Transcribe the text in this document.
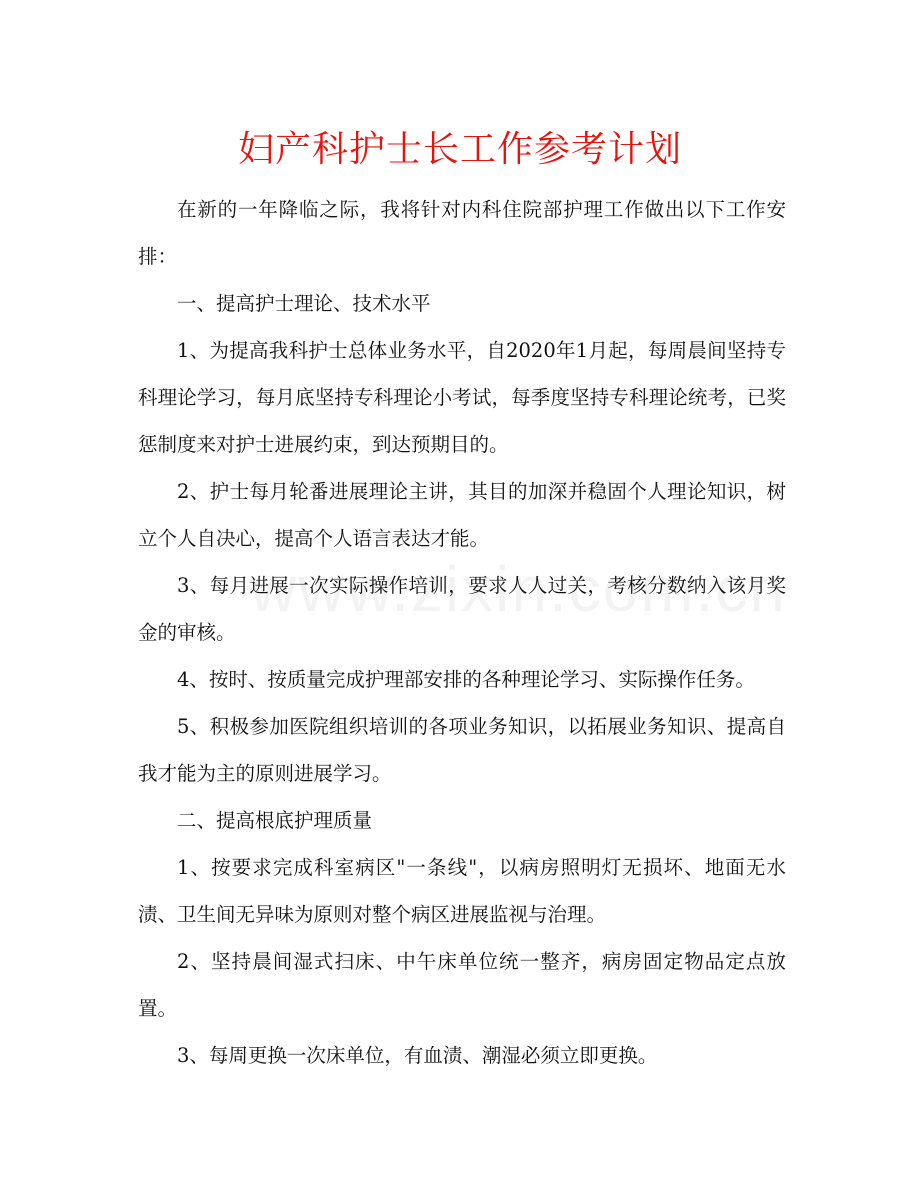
妇产科护士长工作参考计划

在新的一年降临之际，我将针对内科住院部护理工作做出以下工作安排：

一、提高护士理论、技术水平

1、为提高我科护士总体业务水平，自2020年1月起，每周晨间坚持专科理论学习，每月底坚持专科理论小考试，每季度坚持专科理论统考，已奖惩制度来对护士进展约束，到达预期目的。

2、护士每月轮番进展理论主讲，其目的加深并稳固个人理论知识，树立个人自决心，提高个人语言表达才能。

3、每月进展一次实际操作培训，要求人人过关，考核分数纳入该月奖金的审核。

4、按时、按质量完成护理部安排的各种理论学习、实际操作任务。

5、积极参加医院组织培训的各项业务知识，以拓展业务知识、提高自我才能为主的原则进展学习。

二、提高根底护理质量

1、按要求完成科室病区"一条线"，以病房照明灯无损坏、地面无水渍、卫生间无异味为原则对整个病区进展监视与治理。

2、坚持晨间湿式扫床、中午床单位统一整齐，病房固定物品定点放置。

3、每周更换一次床单位，有血渍、潮湿必须立即更换。
